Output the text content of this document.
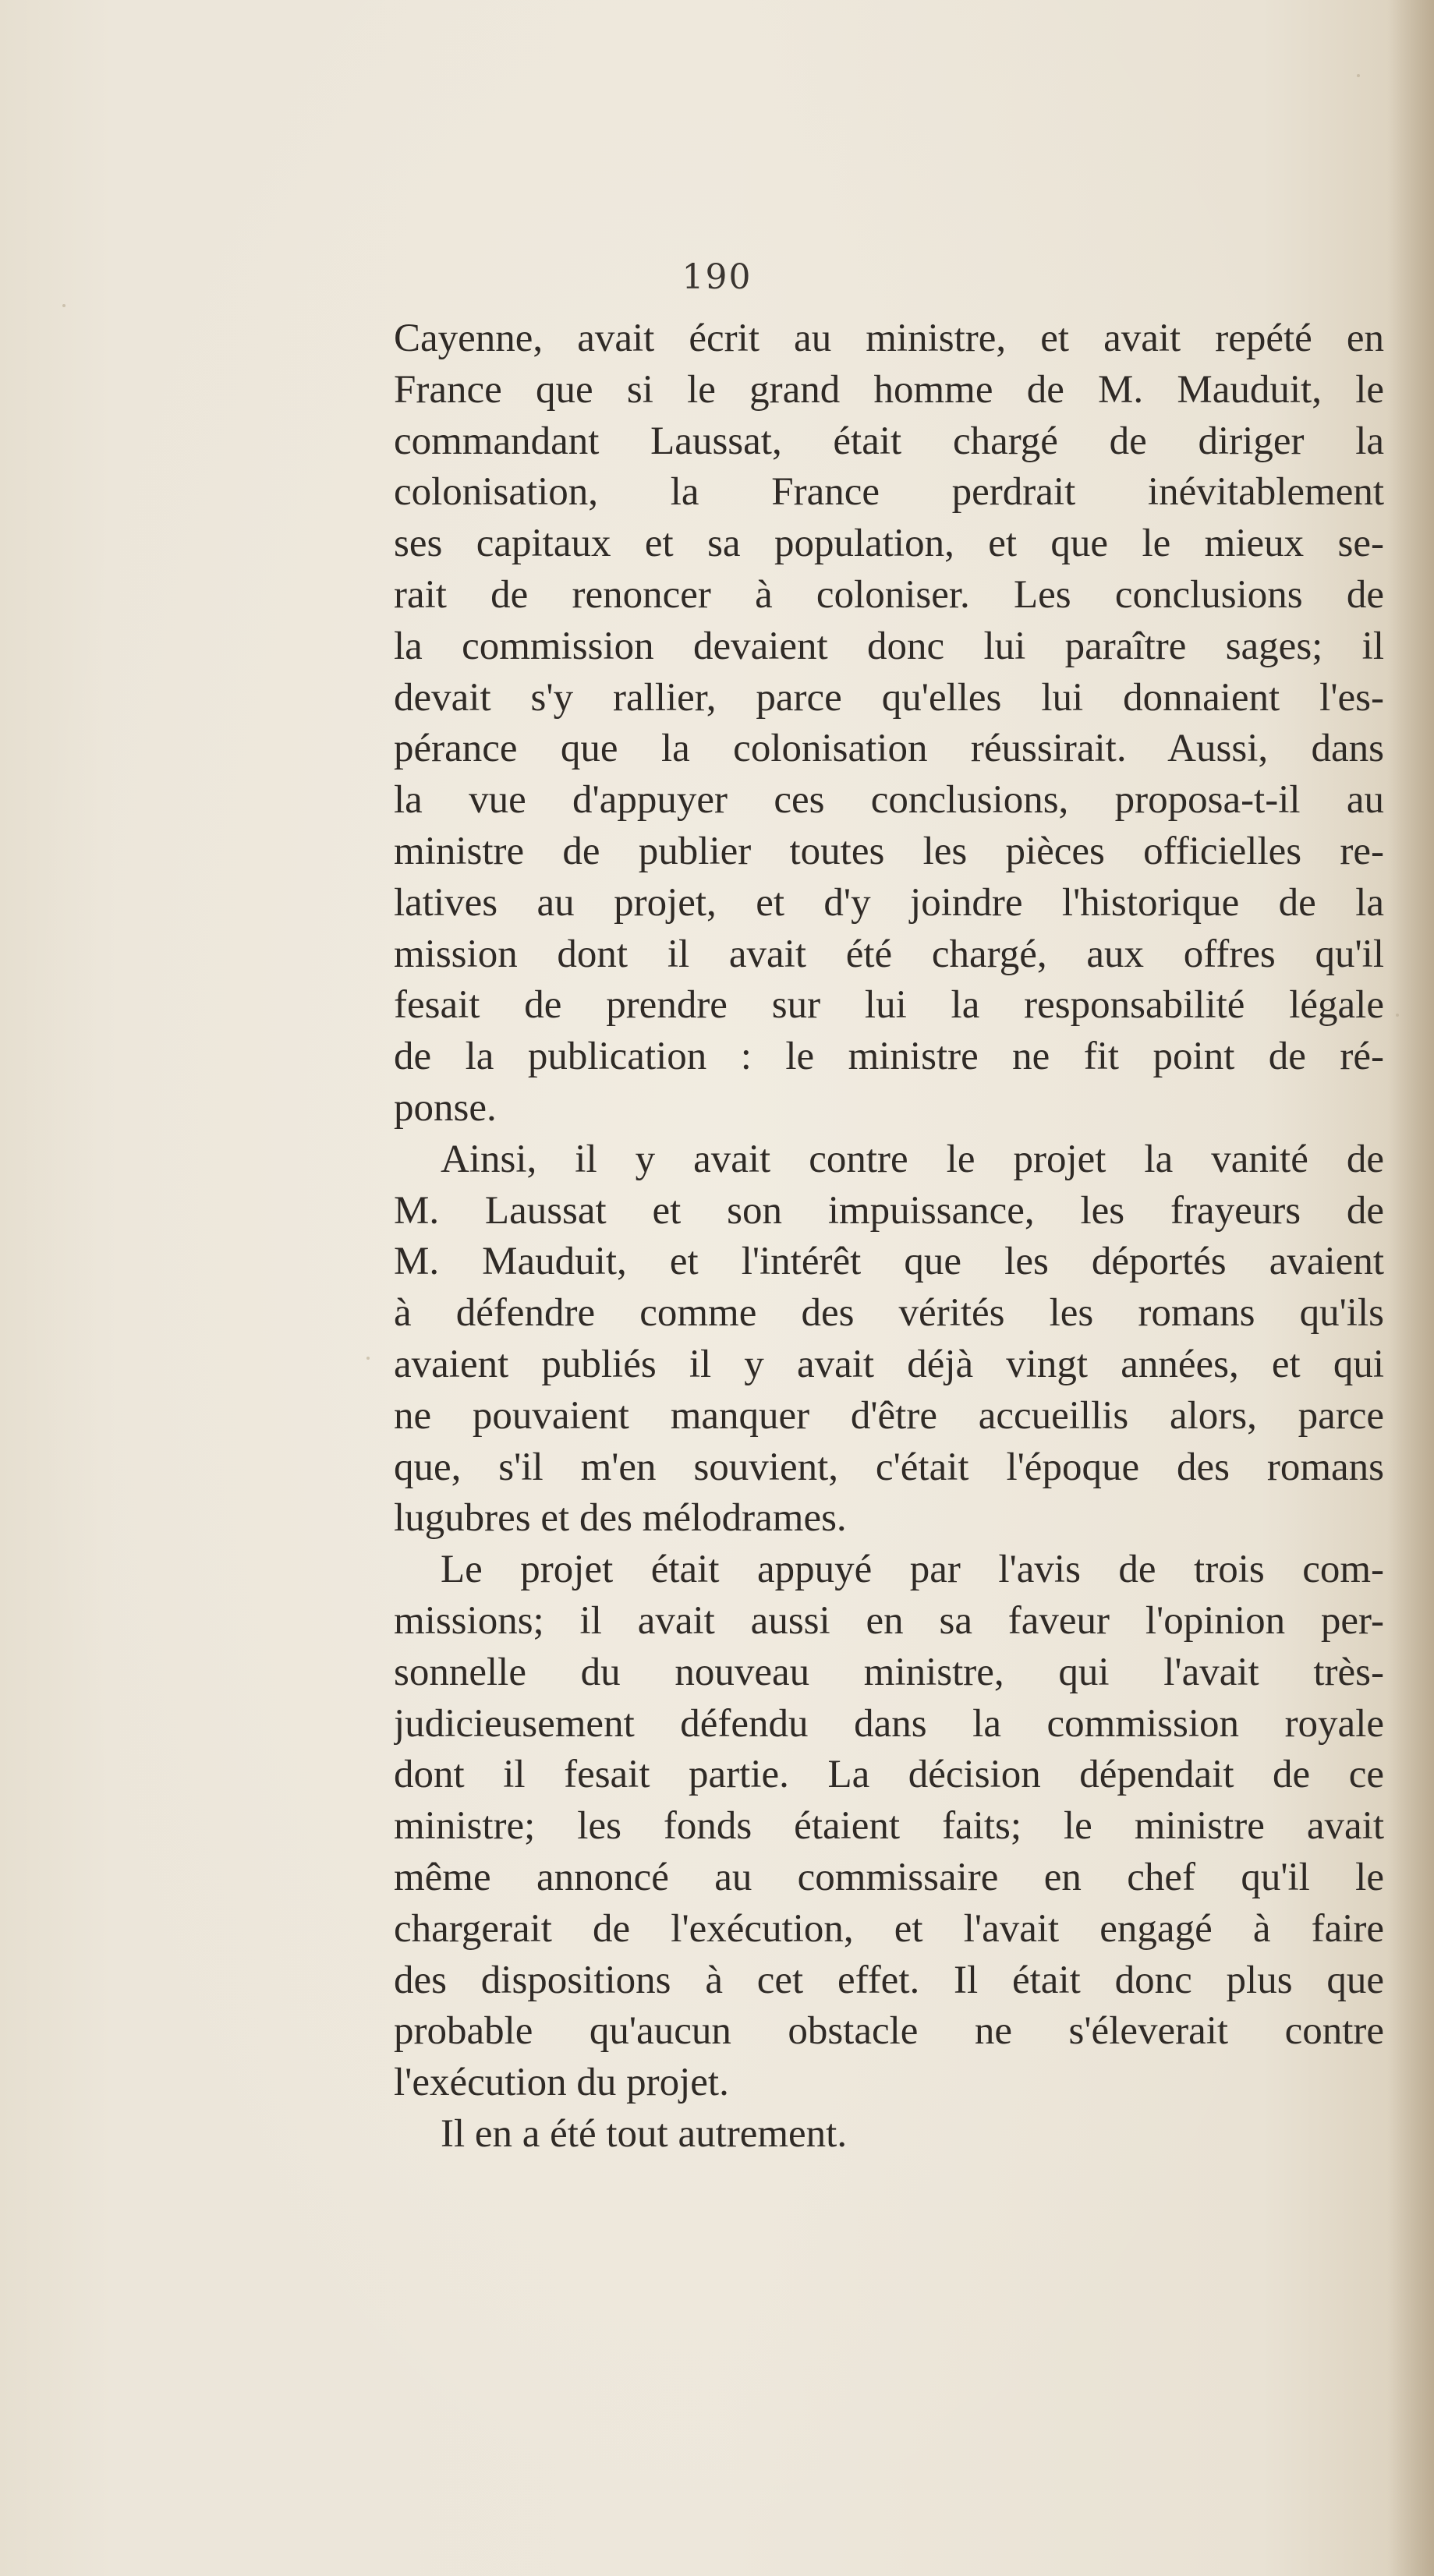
190
Cayenne, avait écrit au ministre, et avait repété en
France que si le grand homme de M. Mauduit, le
commandant Laussat, était chargé de diriger la
colonisation, la France perdrait inévitablement
ses capitaux et sa population, et que le mieux se-
rait de renoncer à coloniser. Les conclusions de
la commission devaient donc lui paraître sages; il
devait s'y rallier, parce qu'elles lui donnaient l'es-
pérance que la colonisation réussirait. Aussi, dans
la vue d'appuyer ces conclusions, proposa-t-il au
ministre de publier toutes les pièces officielles re-
latives au projet, et d'y joindre l'historique de la
mission dont il avait été chargé, aux offres qu'il
fesait de prendre sur lui la responsabilité légale
de la publication : le ministre ne fit point de ré-
ponse.
Ainsi, il y avait contre le projet la vanité de
M. Laussat et son impuissance, les frayeurs de
M. Mauduit, et l'intérêt que les déportés avaient
à défendre comme des vérités les romans qu'ils
avaient publiés il y avait déjà vingt années, et qui
ne pouvaient manquer d'être accueillis alors, parce
que, s'il m'en souvient, c'était l'époque des romans
lugubres et des mélodrames.
Le projet était appuyé par l'avis de trois com-
missions; il avait aussi en sa faveur l'opinion per-
sonnelle du nouveau ministre, qui l'avait très-
judicieusement défendu dans la commission royale
dont il fesait partie. La décision dépendait de ce
ministre; les fonds étaient faits; le ministre avait
même annoncé au commissaire en chef qu'il le
chargerait de l'exécution, et l'avait engagé à faire
des dispositions à cet effet. Il était donc plus que
probable qu'aucun obstacle ne s'éleverait contre
l'exécution du projet.
Il en a été tout autrement.
